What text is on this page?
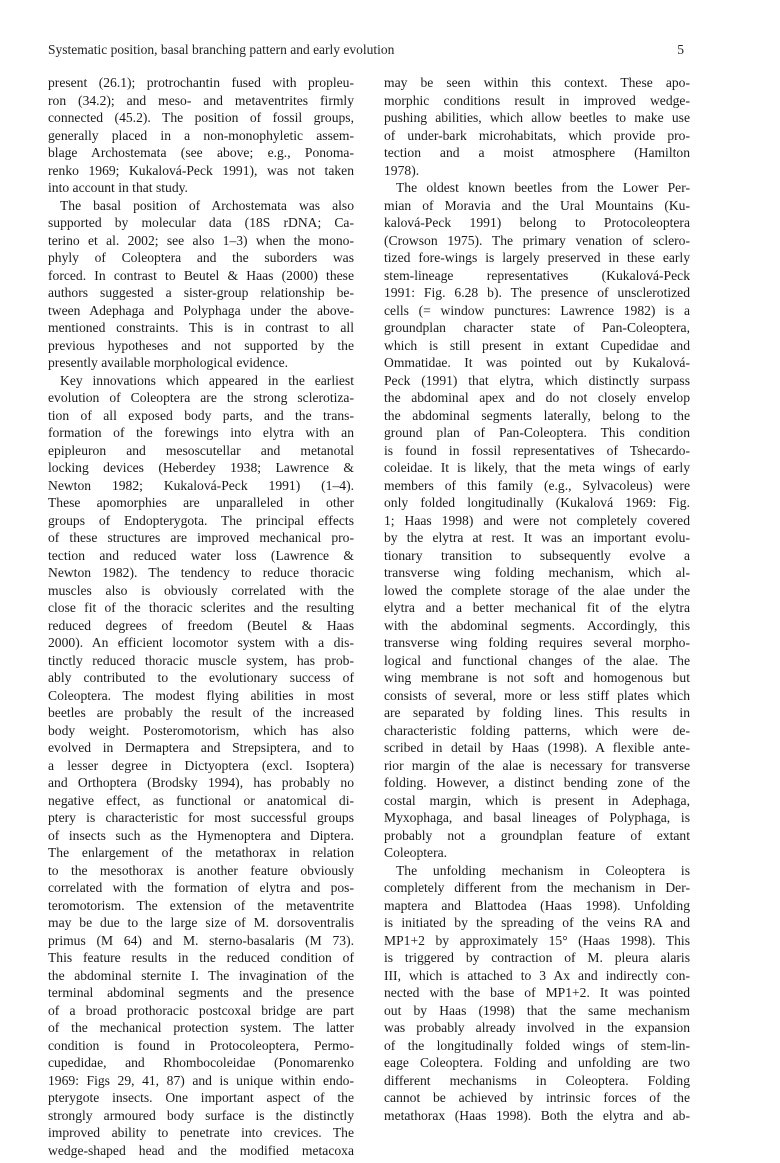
Systematic position, basal branching pattern and early evolution	5
present (26.1); protrochantin fused with propleu-
ron (34.2); and meso- and metaventrites firmly
connected (45.2). The position of fossil groups,
generally placed in a non-monophyletic assem-
blage Archostemata (see above; e.g., Ponoma-
renko 1969; Kukalová-Peck 1991), was not taken
into account in that study.
The basal position of Archostemata was also
supported by molecular data (18S rDNA; Ca-
terino et al. 2002; see also 1–3) when the mono-
phyly of Coleoptera and the suborders was
forced. In contrast to Beutel & Haas (2000) these
authors suggested a sister-group relationship be-
tween Adephaga and Polyphaga under the above-
mentioned constraints. This is in contrast to all
previous hypotheses and not supported by the
presently available morphological evidence.
Key innovations which appeared in the earliest
evolution of Coleoptera are the strong sclerotiza-
tion of all exposed body parts, and the trans-
formation of the forewings into elytra with an
epipleuron and mesoscutellar and metanotal
locking devices (Heberdey 1938; Lawrence &
Newton 1982; Kukalová-Peck 1991) (1–4).
These apomorphies are unparalleled in other
groups of Endopterygota. The principal effects
of these structures are improved mechanical pro-
tection and reduced water loss (Lawrence &
Newton 1982). The tendency to reduce thoracic
muscles also is obviously correlated with the
close fit of the thoracic sclerites and the resulting
reduced degrees of freedom (Beutel & Haas
2000). An efficient locomotor system with a dis-
tinctly reduced thoracic muscle system, has prob-
ably contributed to the evolutionary success of
Coleoptera. The modest flying abilities in most
beetles are probably the result of the increased
body weight. Posteromotorism, which has also
evolved in Dermaptera and Strepsiptera, and to
a lesser degree in Dictyoptera (excl. Isoptera)
and Orthoptera (Brodsky 1994), has probably no
negative effect, as functional or anatomical di-
ptery is characteristic for most successful groups
of insects such as the Hymenoptera and Diptera.
The enlargement of the metathorax in relation
to the mesothorax is another feature obviously
correlated with the formation of elytra and pos-
teromotorism. The extension of the metaventrite
may be due to the large size of M. dorsoventralis
primus (M 64) and M. sterno-basalaris (M 73).
This feature results in the reduced condition of
the abdominal sternite I. The invagination of the
terminal abdominal segments and the presence
of a broad prothoracic postcoxal bridge are part
of the mechanical protection system. The latter
condition is found in Protocoleoptera, Permo-
cupedidae, and Rhombocoleidae (Ponomarenko
1969: Figs 29, 41, 87) and is unique within endo-
pterygote insects. One important aspect of the
strongly armoured body surface is the distinctly
improved ability to penetrate into crevices. The
wedge-shaped head and the modified metacoxa
may be seen within this context. These apo-
morphic conditions result in improved wedge-
pushing abilities, which allow beetles to make use
of under-bark microhabitats, which provide pro-
tection and a moist atmosphere (Hamilton
1978).
The oldest known beetles from the Lower Per-
mian of Moravia and the Ural Mountains (Ku-
kalová-Peck 1991) belong to Protocoleoptera
(Crowson 1975). The primary venation of sclero-
tized fore-wings is largely preserved in these early
stem-lineage representatives (Kukalová-Peck
1991: Fig. 6.28 b). The presence of unsclerotized
cells (= window punctures: Lawrence 1982) is a
groundplan character state of Pan-Coleoptera,
which is still present in extant Cupedidae and
Ommatidae. It was pointed out by Kukalová-
Peck (1991) that elytra, which distinctly surpass
the abdominal apex and do not closely envelop
the abdominal segments laterally, belong to the
ground plan of Pan-Coleoptera. This condition
is found in fossil representatives of Tshecardo-
coleidae. It is likely, that the meta wings of early
members of this family (e.g., Sylvacoleus) were
only folded longitudinally (Kukalová 1969: Fig.
1; Haas 1998) and were not completely covered
by the elytra at rest. It was an important evolu-
tionary transition to subsequently evolve a
transverse wing folding mechanism, which al-
lowed the complete storage of the alae under the
elytra and a better mechanical fit of the elytra
with the abdominal segments. Accordingly, this
transverse wing folding requires several morpho-
logical and functional changes of the alae. The
wing membrane is not soft and homogenous but
consists of several, more or less stiff plates which
are separated by folding lines. This results in
characteristic folding patterns, which were de-
scribed in detail by Haas (1998). A flexible ante-
rior margin of the alae is necessary for transverse
folding. However, a distinct bending zone of the
costal margin, which is present in Adephaga,
Myxophaga, and basal lineages of Polyphaga, is
probably not a groundplan feature of extant
Coleoptera.
The unfolding mechanism in Coleoptera is
completely different from the mechanism in Der-
maptera and Blattodea (Haas 1998). Unfolding
is initiated by the spreading of the veins RA and
MP1+2 by approximately 15° (Haas 1998). This
is triggered by contraction of M. pleura alaris
III, which is attached to 3 Ax and indirectly con-
nected with the base of MP1+2. It was pointed
out by Haas (1998) that the same mechanism
was probably already involved in the expansion
of the longitudinally folded wings of stem-lin-
eage Coleoptera. Folding and unfolding are two
different mechanisms in Coleoptera. Folding
cannot be achieved by intrinsic forces of the
metathorax (Haas 1998). Both the elytra and ab-
